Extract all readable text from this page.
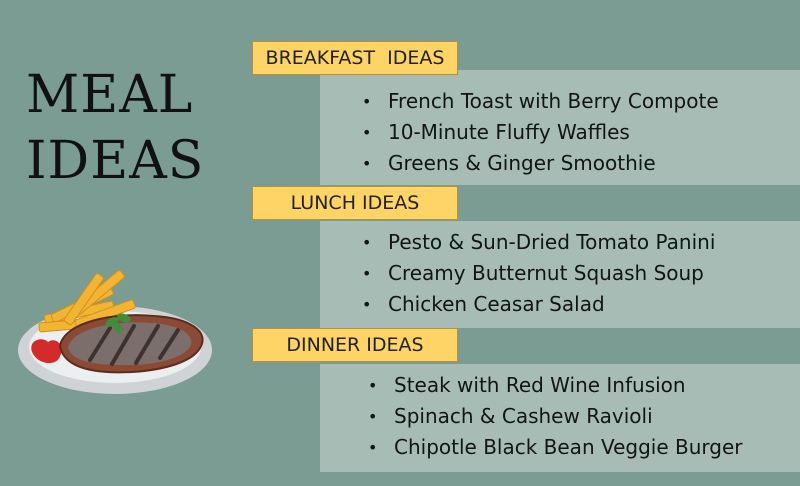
MEAL
IDEAS
BREAKFAST  IDEAS
LUNCH IDEAS
DINNER IDEAS
• French Toast with Berry Compote
• 10-Minute Fluffy Waffles
• Greens & Ginger Smoothie
• Pesto & Sun-Dried Tomato Panini
• Creamy Butternut Squash Soup
• Chicken Ceasar Salad
• Steak with Red Wine Infusion
• Spinach & Cashew Ravioli
• Chipotle Black Bean Veggie Burger
